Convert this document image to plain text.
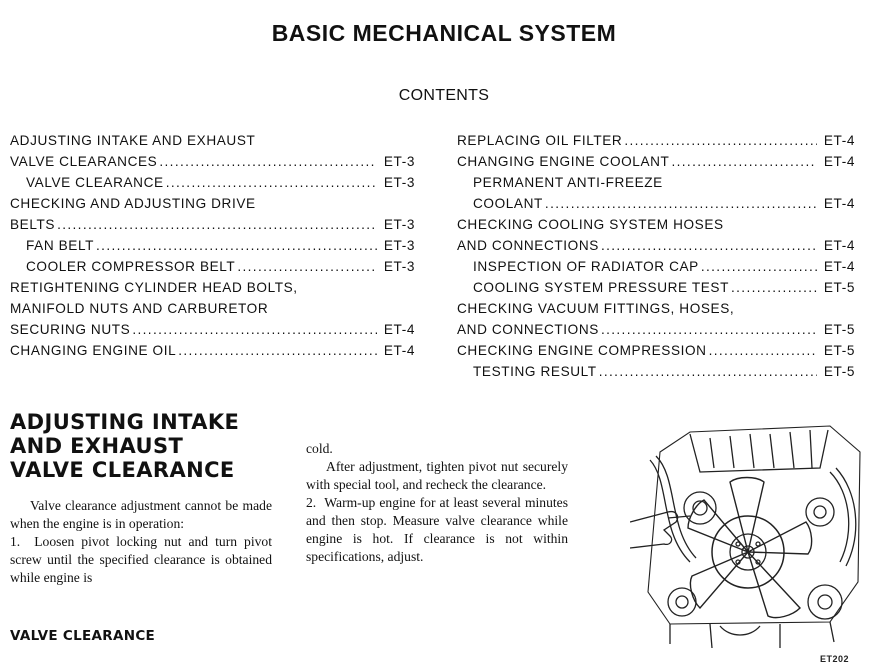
BASIC MECHANICAL SYSTEM
CONTENTS
ADJUSTING INTAKE AND EXHAUST
VALVE CLEARANCES . . .	ET-3
VALVE CLEARANCE . . .	ET-3
CHECKING AND ADJUSTING DRIVE
BELTS . . .	ET-3
FAN BELT . . .	ET-3
COOLER COMPRESSOR BELT . . .	ET-3
RETIGHTENING CYLINDER HEAD BOLTS,
MANIFOLD NUTS AND CARBURETOR
SECURING NUTS . . .	ET-4
CHANGING ENGINE OIL . . .	ET-4
REPLACING OIL FILTER . . .	ET-4
CHANGING ENGINE COOLANT . . .	ET-4
PERMANENT ANTI-FREEZE
COOLANT . . .	ET-4
CHECKING COOLING SYSTEM HOSES
AND CONNECTIONS . . .	ET-4
INSPECTION OF RADIATOR CAP . . .	ET-4
COOLING SYSTEM PRESSURE TEST . . .	ET-5
CHECKING VACUUM FITTINGS, HOSES,
AND CONNECTIONS . . .	ET-5
CHECKING ENGINE COMPRESSION . . .	ET-5
TESTING RESULT . . .	ET-5
ADJUSTING INTAKE
AND EXHAUST
VALVE CLEARANCE

Valve clearance adjustment cannot be made when the engine is in operation:

1.  Loosen pivot locking nut and turn pivot screw until the specified clearance is obtained while engine is

cold.

After adjustment, tighten pivot nut securely with special tool, and recheck the clearance.

2.  Warm-up engine for at least several minutes and then stop. Measure valve clearance while engine is hot. If clearance is not within specifications, adjust.

VALVE CLEARANCE
ET202
